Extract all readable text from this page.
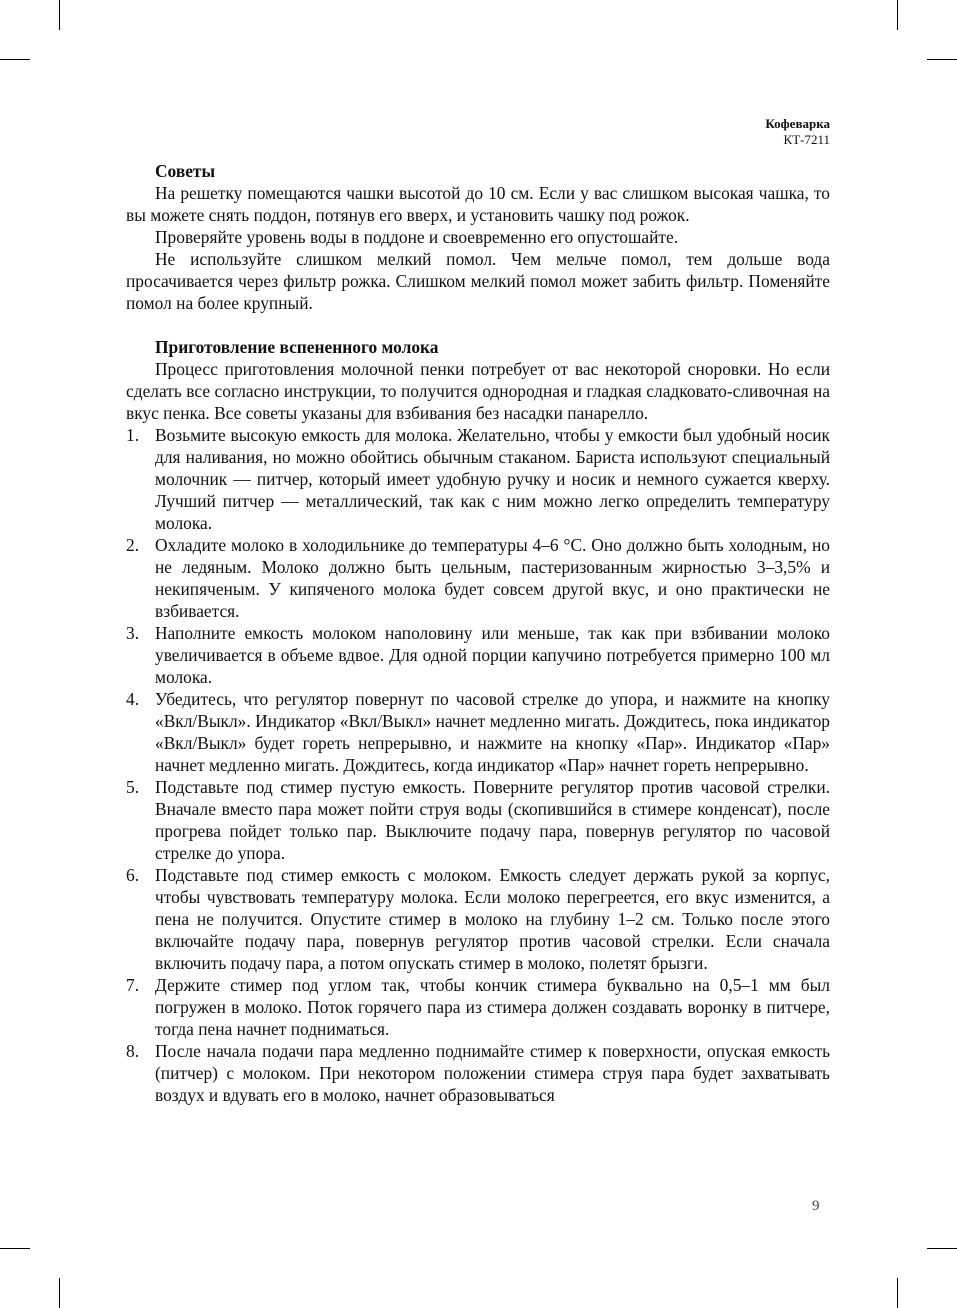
Кофеварка
КТ-7211
Советы

На решетку помещаются чашки высотой до 10 см. Если у вас слишком высокая чашка, то вы можете снять поддон, потянув его вверх, и установить чашку под рожок.

Проверяйте уровень воды в поддоне и своевременно его опустошайте.

Не используйте слишком мелкий помол. Чем мельче помол, тем дольше вода просачивается через фильтр рожка. Слишком мелкий помол может забить фильтр. Поменяйте помол на более крупный.

Приготовление вспененного молока

Процесс приготовления молочной пенки потребует от вас некоторой сноровки. Но если сделать все согласно инструкции, то получится однородная и гладкая сладковато-сливочная на вкус пенка. Все советы указаны для взбивания без насадки панарелло.

1. Возьмите высокую емкость для молока. Желательно, чтобы у емкости был удобный носик для наливания, но можно обойтись обычным стаканом. Бариста используют специальный молочник — питчер, который имеет удобную ручку и носик и немного сужается кверху. Лучший питчер — металлический, так как с ним можно легко определить температуру молока.
2. Охладите молоко в холодильнике до температуры 4–6 °С. Оно должно быть холодным, но не ледяным. Молоко должно быть цельным, пастеризованным жирностью 3–3,5% и некипяченым. У кипяченого молока будет совсем другой вкус, и оно практически не взбивается.
3. Наполните емкость молоком наполовину или меньше, так как при взбивании молоко увеличивается в объеме вдвое. Для одной порции капучино потребуется примерно 100 мл молока.
4. Убедитесь, что регулятор повернут по часовой стрелке до упора, и нажмите на кнопку «Вкл/Выкл». Индикатор «Вкл/Выкл» начнет медленно мигать. Дождитесь, пока индикатор «Вкл/Выкл» будет гореть непрерывно, и нажмите на кнопку «Пар». Индикатор «Пар» начнет медленно мигать. Дождитесь, когда индикатор «Пар» начнет гореть непрерывно.
5. Подставьте под стимер пустую емкость. Поверните регулятор против часовой стрелки. Вначале вместо пара может пойти струя воды (скопившийся в стимере конденсат), после прогрева пойдет только пар. Выключите подачу пара, повернув регулятор по часовой стрелке до упора.
6. Подставьте под стимер емкость с молоком. Емкость следует держать рукой за корпус, чтобы чувствовать температуру молока. Если молоко перегреется, его вкус изменится, а пена не получится. Опустите стимер в молоко на глубину 1–2 см. Только после этого включайте подачу пара, повернув регулятор против часовой стрелки. Если сначала включить подачу пара, а потом опускать стимер в молоко, полетят брызги.
7. Держите стимер под углом так, чтобы кончик стимера буквально на 0,5–1 мм был погружен в молоко. Поток горячего пара из стимера должен создавать воронку в питчере, тогда пена начнет подниматься.
8. После начала подачи пара медленно поднимайте стимер к поверхности, опуская емкость (питчер) с молоком. При некотором положении стимера струя пара будет захватывать воздух и вдувать его в молоко, начнет образовываться
9
